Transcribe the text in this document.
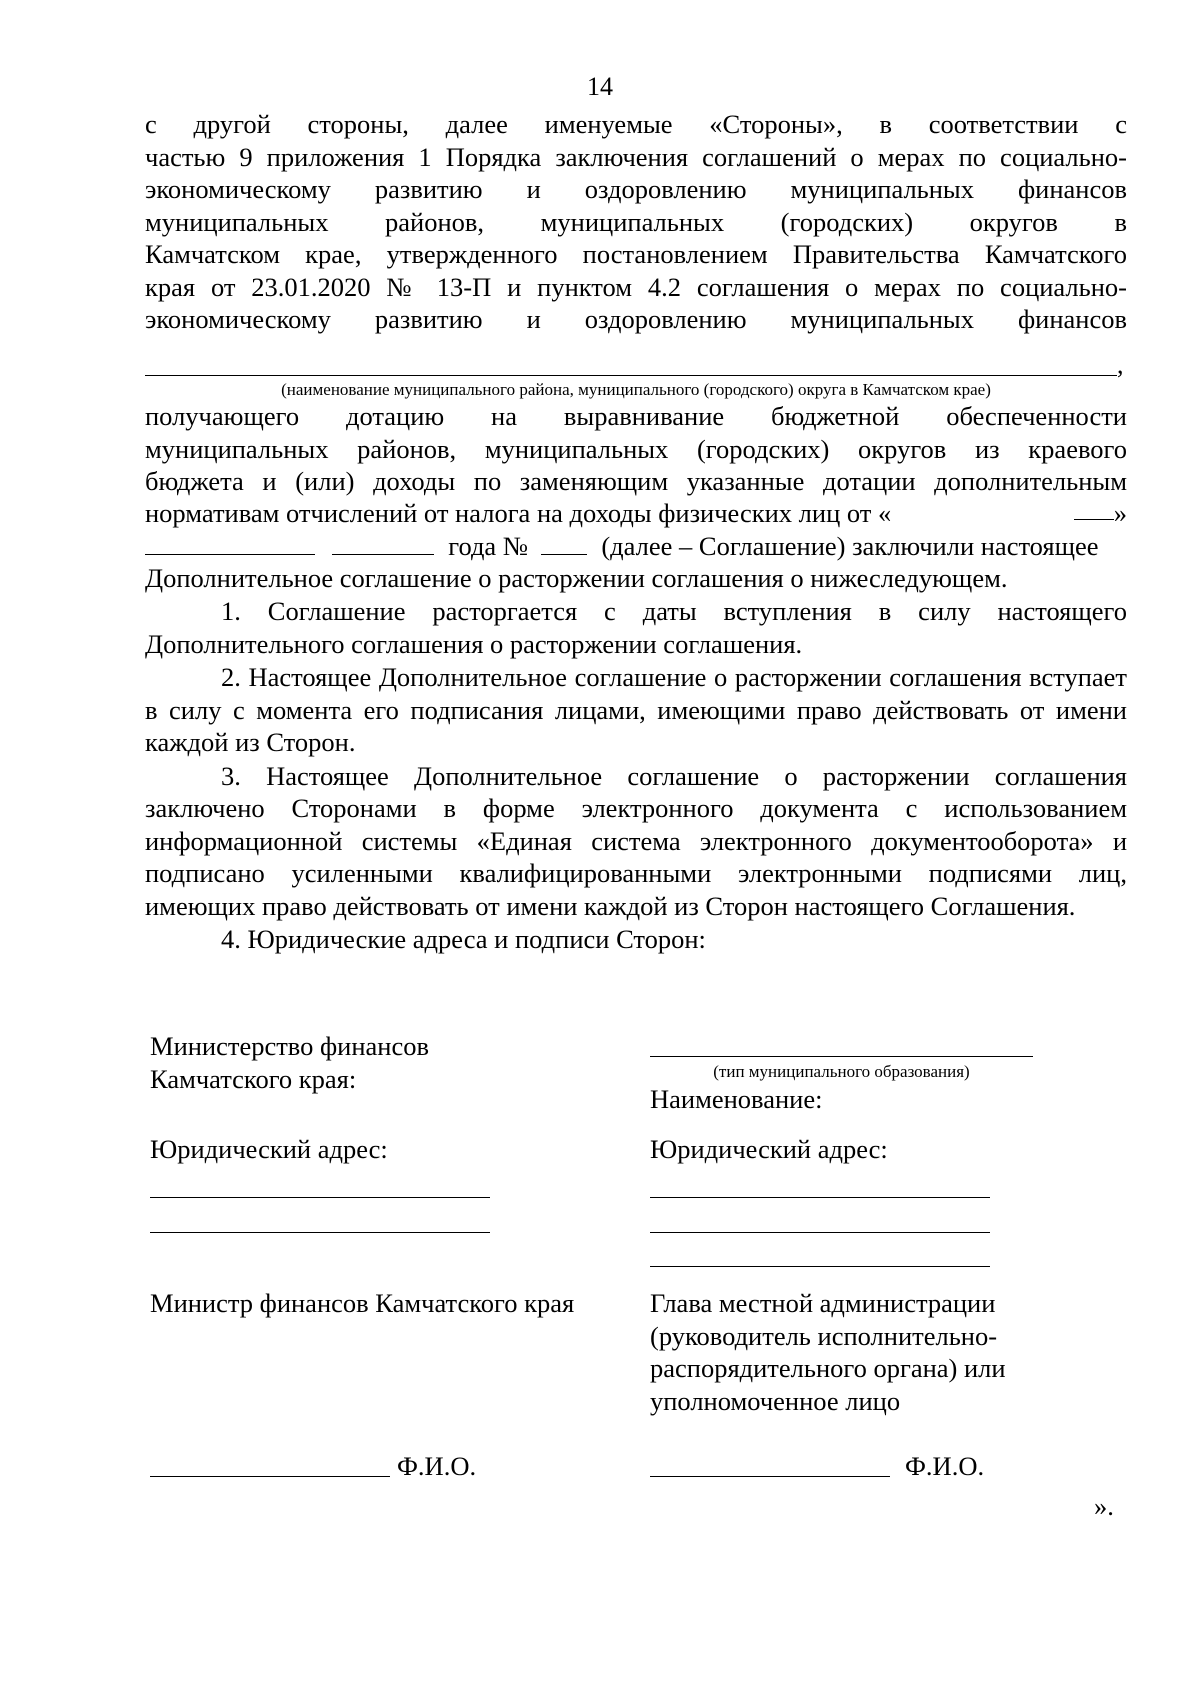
14
с другой стороны, далее именуемые «Стороны», в соответствии с
частью 9 приложения 1 Порядка заключения соглашений о мерах по социально-
экономическому развитию и оздоровлению муниципальных финансов
муниципальных районов, муниципальных (городских) округов в
Камчатском крае, утвержденного постановлением Правительства Камчатского
края от 23.01.2020 № 13-П и пунктом 4.2 соглашения о мерах по социально-
экономическому развитию и оздоровлению муниципальных финансов
,
(наименование муниципального района, муниципального (городского) округа в Камчатском крае)
получающего дотацию на выравнивание бюджетной обеспеченности
муниципальных районов, муниципальных (городских) округов из краевого
бюджета и (или) доходы по заменяющим указанные дотации дополнительным
нормативам отчислений от налога на доходы физических лиц от «	»
года №	(далее – Соглашение) заключили настоящее
Дополнительное соглашение о расторжении соглашения о нижеследующем.
1. Соглашение расторгается с даты вступления в силу настоящего Дополнительного соглашения о расторжении соглашения.
2. Настоящее Дополнительное соглашение о расторжении соглашения вступает в силу с момента его подписания лицами, имеющими право действовать от имени каждой из Сторон.
3. Настоящее Дополнительное соглашение о расторжении соглашения заключено Сторонами в форме электронного документа с использованием информационной системы «Единая система электронного документооборота» и подписано усиленными квалифицированными электронными подписями лиц, имеющих право действовать от имени каждой из Сторон настоящего Соглашения.
4. Юридические адреса и подписи Сторон:
Министерство финансов
Камчатского края:
Юридический адрес:
Министр финансов Камчатского края
Ф.И.О.
(тип муниципального образования)
Наименование:
Юридический адрес:
Глава местной администрации
(руководитель исполнительно-
распорядительного органа) или
уполномоченное лицо
Ф.И.О.
».
